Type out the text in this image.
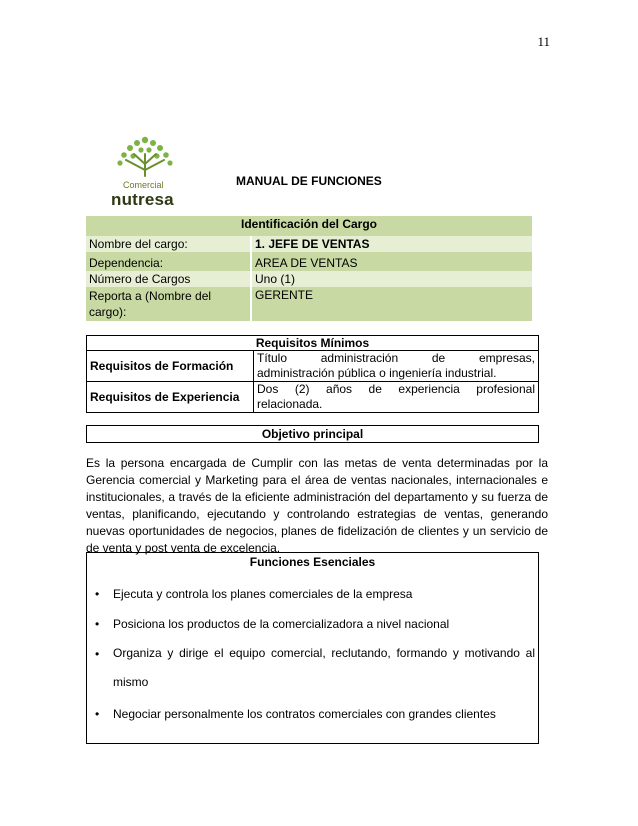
11
Comercial
nutresa
MANUAL DE FUNCIONES
Identificación del Cargo		
Nombre del cargo:		1. JEFE DE VENTAS
Dependencia:		AREA DE VENTAS
Número de Cargos		Uno (1)
Reporta a (Nombre del cargo):		GERENTE
Requisitos Mínimos	
Requisitos de Formación	Título administración de empresas,
administración pública o ingeniería industrial.

Requisitos de Experiencia	Dos (2) años de experiencia profesional
relacionada.
Objetivo principal
Es la persona encargada de Cumplir con las metas de venta determinadas por la Gerencia comercial y Marketing para el área de ventas nacionales, internacionales e institucionales, a través de la eficiente administración del departamento y su fuerza de ventas, planificando, ejecutando y controlando estrategias de ventas, generando nuevas oportunidades de negocios, planes de fidelización de clientes y un servicio de de venta y post venta de excelencia.
Funciones Esenciales
• Ejecuta y controla los planes comerciales de la empresa
• Posiciona los productos de la comercializadora a nivel nacional
• Organiza y dirige el equipo comercial, reclutando, formando y motivando al mismo
• Negociar personalmente los contratos comerciales con grandes clientes
